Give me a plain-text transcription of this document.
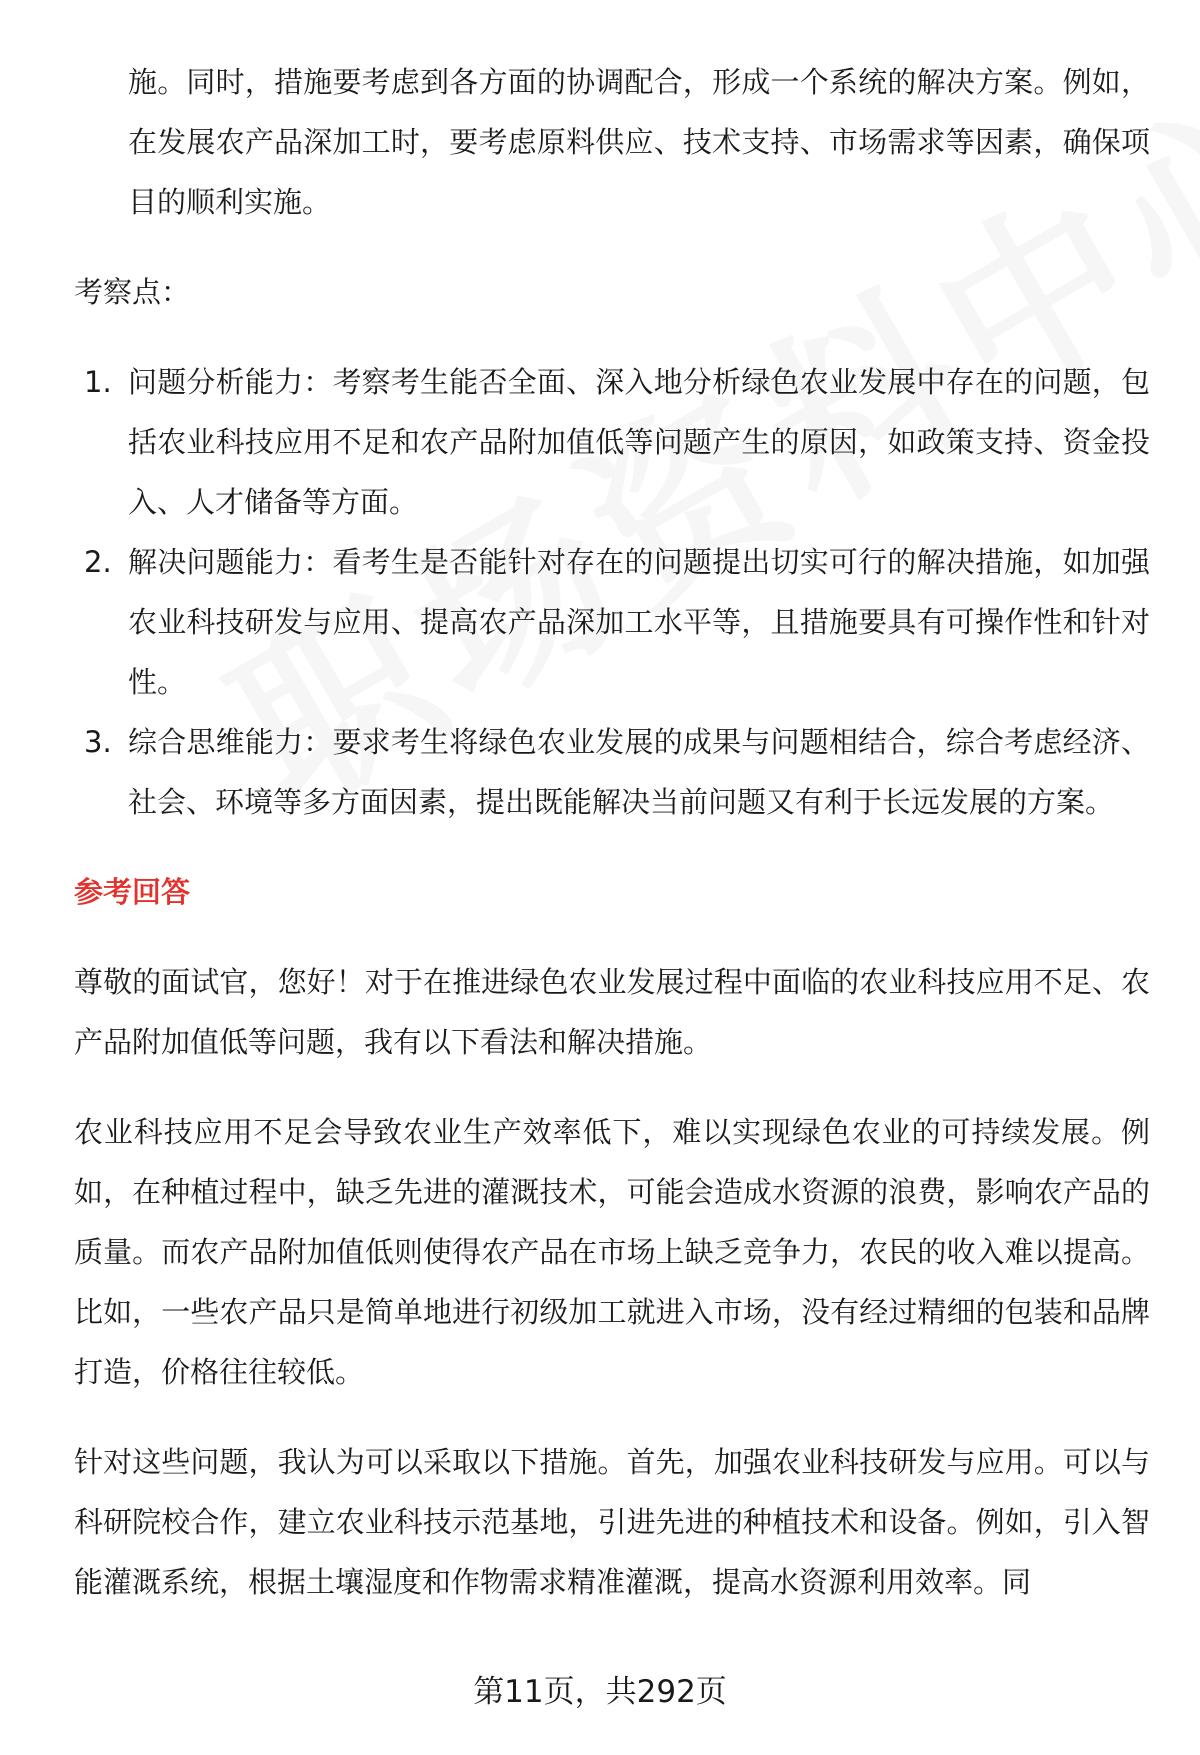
施。同时，措施要考虑到各方面的协调配合，形成一个系统的解决方案。例如，在发展农产品深加工时，要考虑原料供应、技术支持、市场需求等因素，确保项目的顺利实施。

考察点：

1. 问题分析能力：考察考生能否全面、深入地分析绿色农业发展中存在的问题，包括农业科技应用不足和农产品附加值低等问题产生的原因，如政策支持、资金投入、人才储备等方面。
2. 解决问题能力：看考生是否能针对存在的问题提出切实可行的解决措施，如加强农业科技研发与应用、提高农产品深加工水平等，且措施要具有可操作性和针对性。
3. 综合思维能力：要求考生将绿色农业发展的成果与问题相结合，综合考虑经济、社会、环境等多方面因素，提出既能解决当前问题又有利于长远发展的方案。

参考回答

尊敬的面试官，您好！对于在推进绿色农业发展过程中面临的农业科技应用不足、农产品附加值低等问题，我有以下看法和解决措施。

农业科技应用不足会导致农业生产效率低下，难以实现绿色农业的可持续发展。例如，在种植过程中，缺乏先进的灌溉技术，可能会造成水资源的浪费，影响农产品的质量。而农产品附加值低则使得农产品在市场上缺乏竞争力，农民的收入难以提高。比如，一些农产品只是简单地进行初级加工就进入市场，没有经过精细的包装和品牌打造，价格往往较低。

针对这些问题，我认为可以采取以下措施。首先，加强农业科技研发与应用。可以与科研院校合作，建立农业科技示范基地，引进先进的种植技术和设备。例如，引入智能灌溉系统，根据土壤湿度和作物需求精准灌溉，提高水资源利用效率。同

第11页，共292页
